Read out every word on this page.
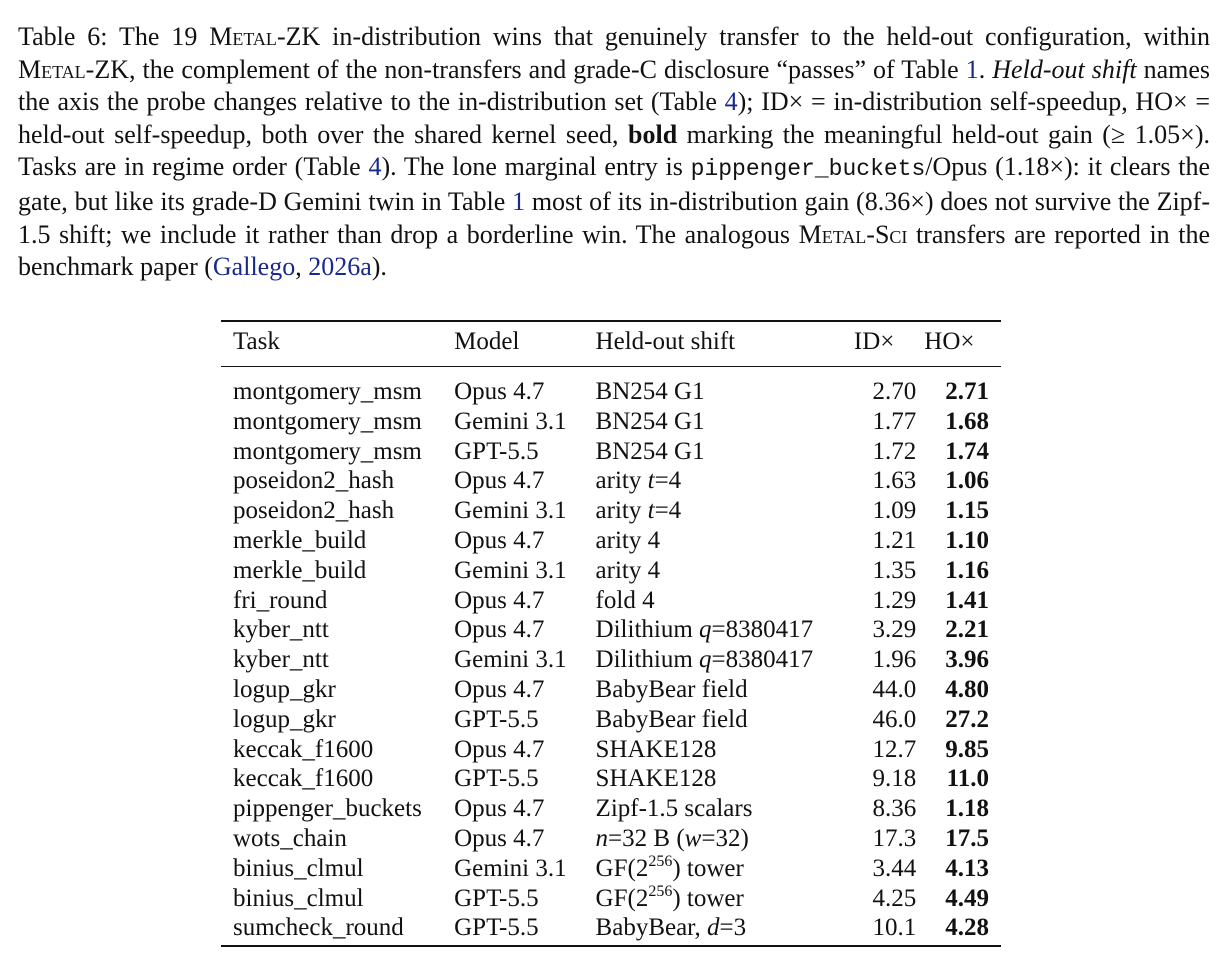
Table 6: The 19 Metal-ZK in-distribution wins that genuinely transfer to the held-out configuration, within Metal-ZK, the complement of the non-transfers and grade-C disclosure “passes” of Table 1. Held-out shift names the axis the probe changes relative to the in-distribution set (Table 4); ID× = in-distribution self-speedup, HO× = held-out self-speedup, both over the shared kernel seed, bold marking the meaningful held-out gain (≥ 1.05×). Tasks are in regime order (Table 4). The lone marginal entry is pippenger_buckets/Opus (1.18×): it clears the gate, but like its grade-D Gemini twin in Table 1 most of its in-distribution gain (8.36×) does not survive the Zipf-1.5 shift; we include it rather than drop a borderline win. The analogous Metal-Sci transfers are reported in the benchmark paper (Gallego, 2026a).
Task	Model	Held-out shift	ID×	HO×
montgomery_msm	Opus 4.7	BN254 G1	2.70	2.71
montgomery_msm	Gemini 3.1	BN254 G1	1.77	1.68
montgomery_msm	GPT-5.5	BN254 G1	1.72	1.74
poseidon2_hash	Opus 4.7	arity t=4	1.63	1.06
poseidon2_hash	Gemini 3.1	arity t=4	1.09	1.15
merkle_build	Opus 4.7	arity 4	1.21	1.10
merkle_build	Gemini 3.1	arity 4	1.35	1.16
fri_round	Opus 4.7	fold 4	1.29	1.41
kyber_ntt	Opus 4.7	Dilithium q=8380417	3.29	2.21
kyber_ntt	Gemini 3.1	Dilithium q=8380417	1.96	3.96
logup_gkr	Opus 4.7	BabyBear field	44.0	4.80
logup_gkr	GPT-5.5	BabyBear field	46.0	27.2
keccak_f1600	Opus 4.7	SHAKE128	12.7	9.85
keccak_f1600	GPT-5.5	SHAKE128	9.18	11.0
pippenger_buckets	Opus 4.7	Zipf-1.5 scalars	8.36	1.18
wots_chain	Opus 4.7	n=32 B (w=32)	17.3	17.5
binius_clmul	Gemini 3.1	$GF(2^{256})$ tower	3.44	4.13
binius_clmul	GPT-5.5	$GF(2^{256})$ tower	4.25	4.49
sumcheck_round	GPT-5.5	BabyBear, d=3	10.1	4.28
